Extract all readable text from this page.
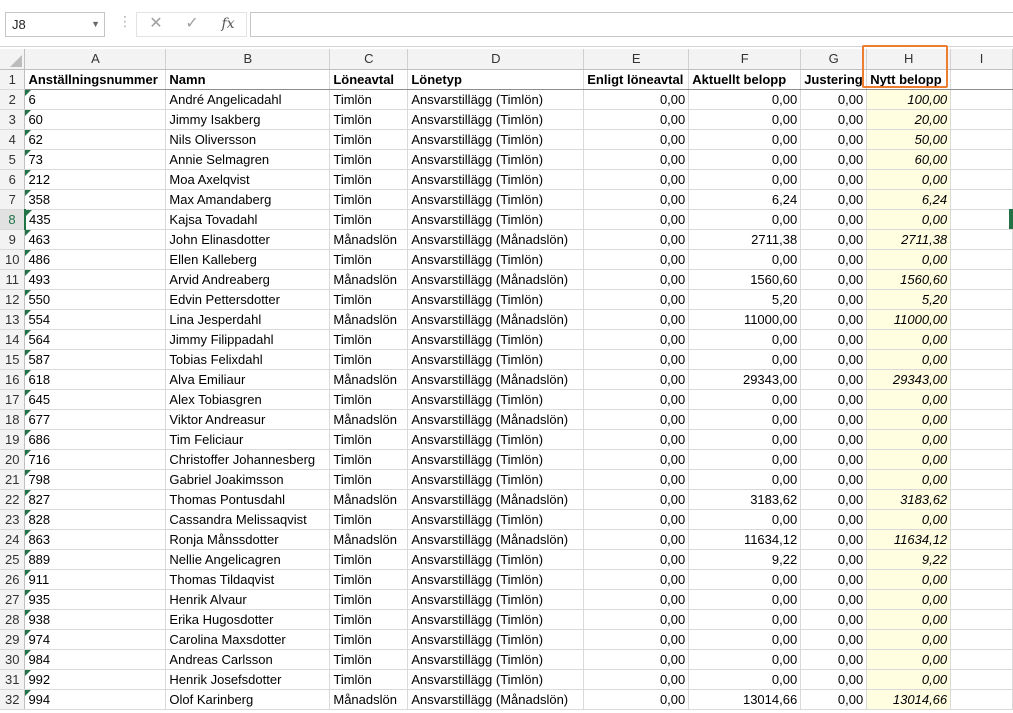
J8	▼ ⋮	✕	✓	fx
	A	B	C	D	E	F	G	H	I
1	Anställningsnummer	Namn	Löneavtal	Lönetyp	Enligt löneavtal	Aktuellt belopp	Justering	Nytt belopp	
2	6	André Angelicadahl	Timlön	Ansvarstillägg (Timlön)	0,00	0,00	0,00	100,00	
3	60	Jimmy Isakberg	Timlön	Ansvarstillägg (Timlön)	0,00	0,00	0,00	20,00	
4	62	Nils Oliversson	Timlön	Ansvarstillägg (Timlön)	0,00	0,00	0,00	50,00	
5	73	Annie Selmagren	Timlön	Ansvarstillägg (Timlön)	0,00	0,00	0,00	60,00	
6	212	Moa Axelqvist	Timlön	Ansvarstillägg (Timlön)	0,00	0,00	0,00	0,00	
7	358	Max Amandaberg	Timlön	Ansvarstillägg (Timlön)	0,00	6,24	0,00	6,24	
8	435	Kajsa Tovadahl	Timlön	Ansvarstillägg (Timlön)	0,00	0,00	0,00	0,00	
9	463	John Elinasdotter	Månadslön	Ansvarstillägg (Månadslön)	0,00	2711,38	0,00	2711,38	
10	486	Ellen Kalleberg	Timlön	Ansvarstillägg (Timlön)	0,00	0,00	0,00	0,00	
11	493	Arvid Andreaberg	Månadslön	Ansvarstillägg (Månadslön)	0,00	1560,60	0,00	1560,60	
12	550	Edvin Pettersdotter	Timlön	Ansvarstillägg (Timlön)	0,00	5,20	0,00	5,20	
13	554	Lina Jesperdahl	Månadslön	Ansvarstillägg (Månadslön)	0,00	11000,00	0,00	11000,00	
14	564	Jimmy Filippadahl	Timlön	Ansvarstillägg (Timlön)	0,00	0,00	0,00	0,00	
15	587	Tobias Felixdahl	Timlön	Ansvarstillägg (Timlön)	0,00	0,00	0,00	0,00	
16	618	Alva Emiliaur	Månadslön	Ansvarstillägg (Månadslön)	0,00	29343,00	0,00	29343,00	
17	645	Alex Tobiasgren	Timlön	Ansvarstillägg (Timlön)	0,00	0,00	0,00	0,00	
18	677	Viktor Andreasur	Månadslön	Ansvarstillägg (Månadslön)	0,00	0,00	0,00	0,00	
19	686	Tim Feliciaur	Timlön	Ansvarstillägg (Timlön)	0,00	0,00	0,00	0,00	
20	716	Christoffer Johannesberg	Timlön	Ansvarstillägg (Timlön)	0,00	0,00	0,00	0,00	
21	798	Gabriel Joakimsson	Timlön	Ansvarstillägg (Timlön)	0,00	0,00	0,00	0,00	
22	827	Thomas Pontusdahl	Månadslön	Ansvarstillägg (Månadslön)	0,00	3183,62	0,00	3183,62	
23	828	Cassandra Melissaqvist	Timlön	Ansvarstillägg (Timlön)	0,00	0,00	0,00	0,00	
24	863	Ronja Månssdotter	Månadslön	Ansvarstillägg (Månadslön)	0,00	11634,12	0,00	11634,12	
25	889	Nellie Angelicagren	Timlön	Ansvarstillägg (Timlön)	0,00	9,22	0,00	9,22	
26	911	Thomas Tildaqvist	Timlön	Ansvarstillägg (Timlön)	0,00	0,00	0,00	0,00	
27	935	Henrik Alvaur	Timlön	Ansvarstillägg (Timlön)	0,00	0,00	0,00	0,00	
28	938	Erika Hugosdotter	Timlön	Ansvarstillägg (Timlön)	0,00	0,00	0,00	0,00	
29	974	Carolina Maxsdotter	Timlön	Ansvarstillägg (Timlön)	0,00	0,00	0,00	0,00	
30	984	Andreas Carlsson	Timlön	Ansvarstillägg (Timlön)	0,00	0,00	0,00	0,00	
31	992	Henrik Josefsdotter	Timlön	Ansvarstillägg (Timlön)	0,00	0,00	0,00	0,00	
32	994	Olof Karinberg	Månadslön	Ansvarstillägg (Månadslön)	0,00	13014,66	0,00	13014,66	
